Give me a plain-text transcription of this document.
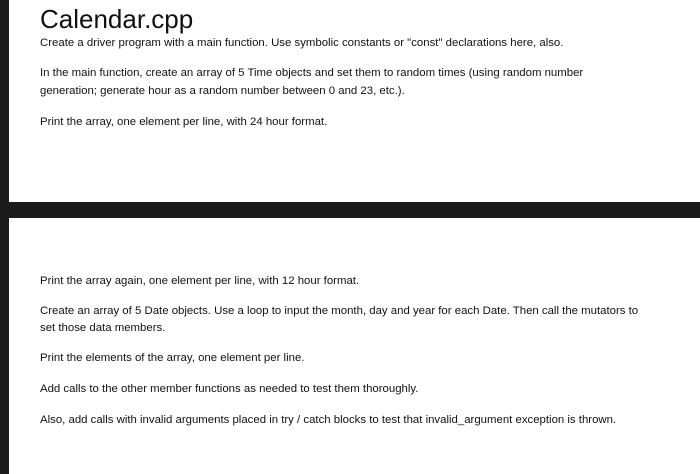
Calendar.cpp

Create a driver program with a main function. Use symbolic constants or "const" declarations here, also.

In the main function, create an array of 5 Time objects and set them to random times (using random number

generation; generate hour as a random number between 0 and 23, etc.).

Print the array, one element per line, with 24 hour format.

Print the array again, one element per line, with 12 hour format.

Create an array of 5 Date objects. Use a loop to input the month, day and year for each Date. Then call the mutators to

set those data members.

Print the elements of the array, one element per line.

Add calls to the other member functions as needed to test them thoroughly.

Also, add calls with invalid arguments placed in try / catch blocks to test that invalid_argument exception is thrown.
